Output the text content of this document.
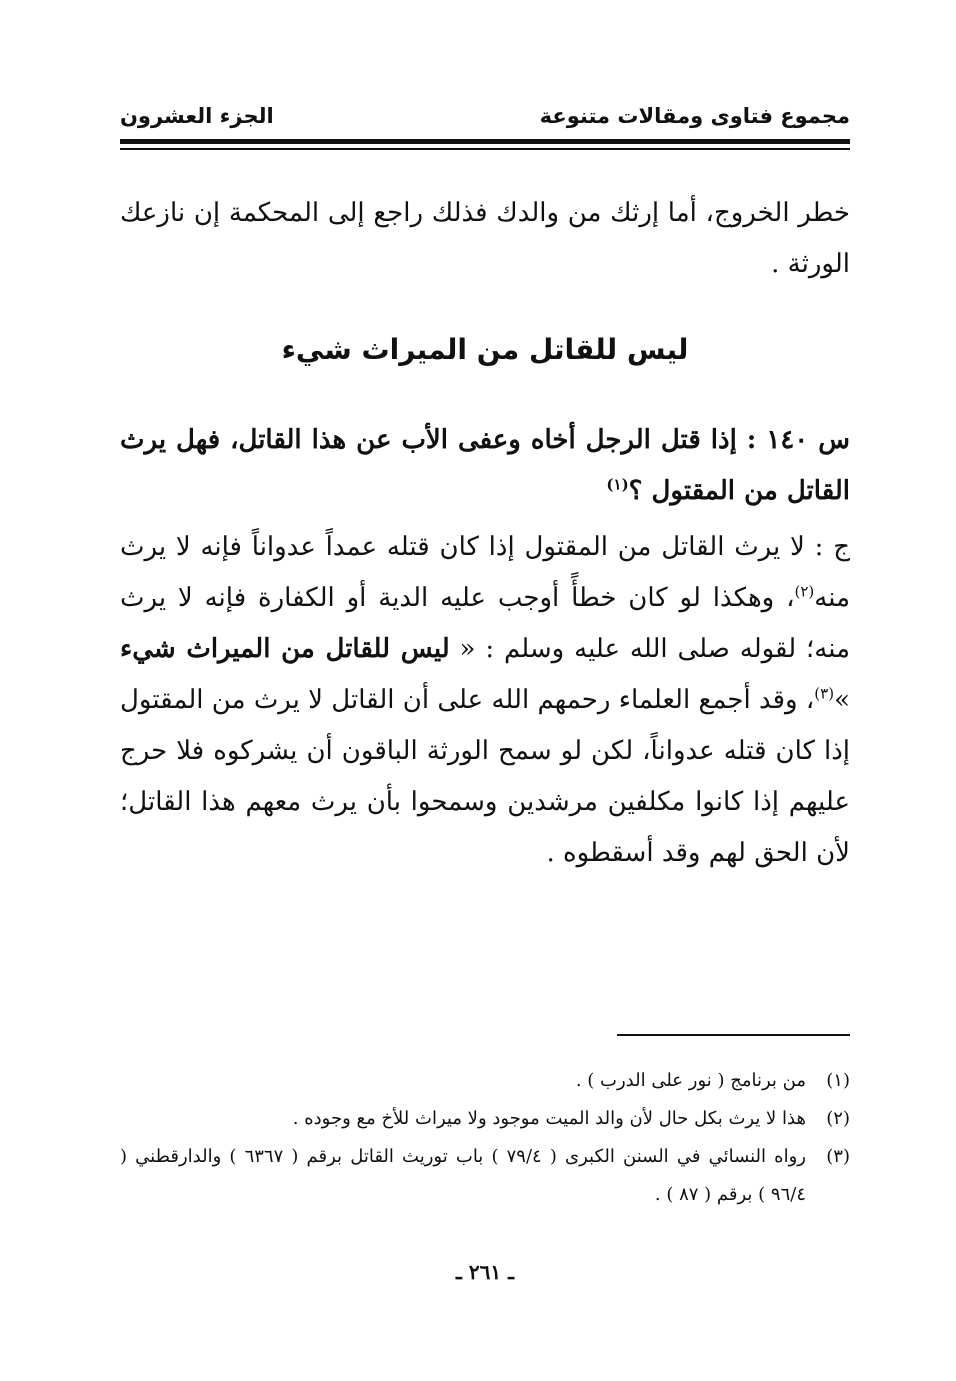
مجموع فتاوى ومقالات متنوعة
الجزء العشرون

خطر الخروج، أما إرثك من والدك فذلك راجع إلى المحكمة إن نازعك الورثة .

ليس للقاتل من الميراث شيء

س ١٤٠ : إذا قتل الرجل أخاه وعفى الأب عن هذا القاتل، فهل يرث القاتل من المقتول ؟$^{(١)}$

ج : لا يرث القاتل من المقتول إذا كان قتله عمداً عدواناً فإنه لا يرث منه$^{(٢)}$، وهكذا لو كان خطأً أوجب عليه الدية أو الكفارة فإنه لا يرث منه؛ لقوله صلى الله عليه وسلم : « ليس للقاتل من الميراث شيء »$^{(٣)}$، وقد أجمع العلماء رحمهم الله على أن القاتل لا يرث من المقتول إذا كان قتله عدواناً، لكن لو سمح الورثة الباقون أن يشركوه فلا حرج عليهم إذا كانوا مكلفين مرشدين وسمحوا بأن يرث معهم هذا القاتل؛ لأن الحق لهم وقد أسقطوه .

(١)
من برنامج ( نور على الدرب ) .
(٢)
هذا لا يرث بكل حال لأن والد الميت موجود ولا ميراث للأخ مع وجوده .
(٣)
رواه النسائي في السنن الكبرى ( ٧٩/٤ ) باب توريث القاتل برقم ( ٦٣٦٧ ) والدارقطني ( ٩٦/٤ ) برقم ( ٨٧ ) .
ـ ٢٦١ ـ
